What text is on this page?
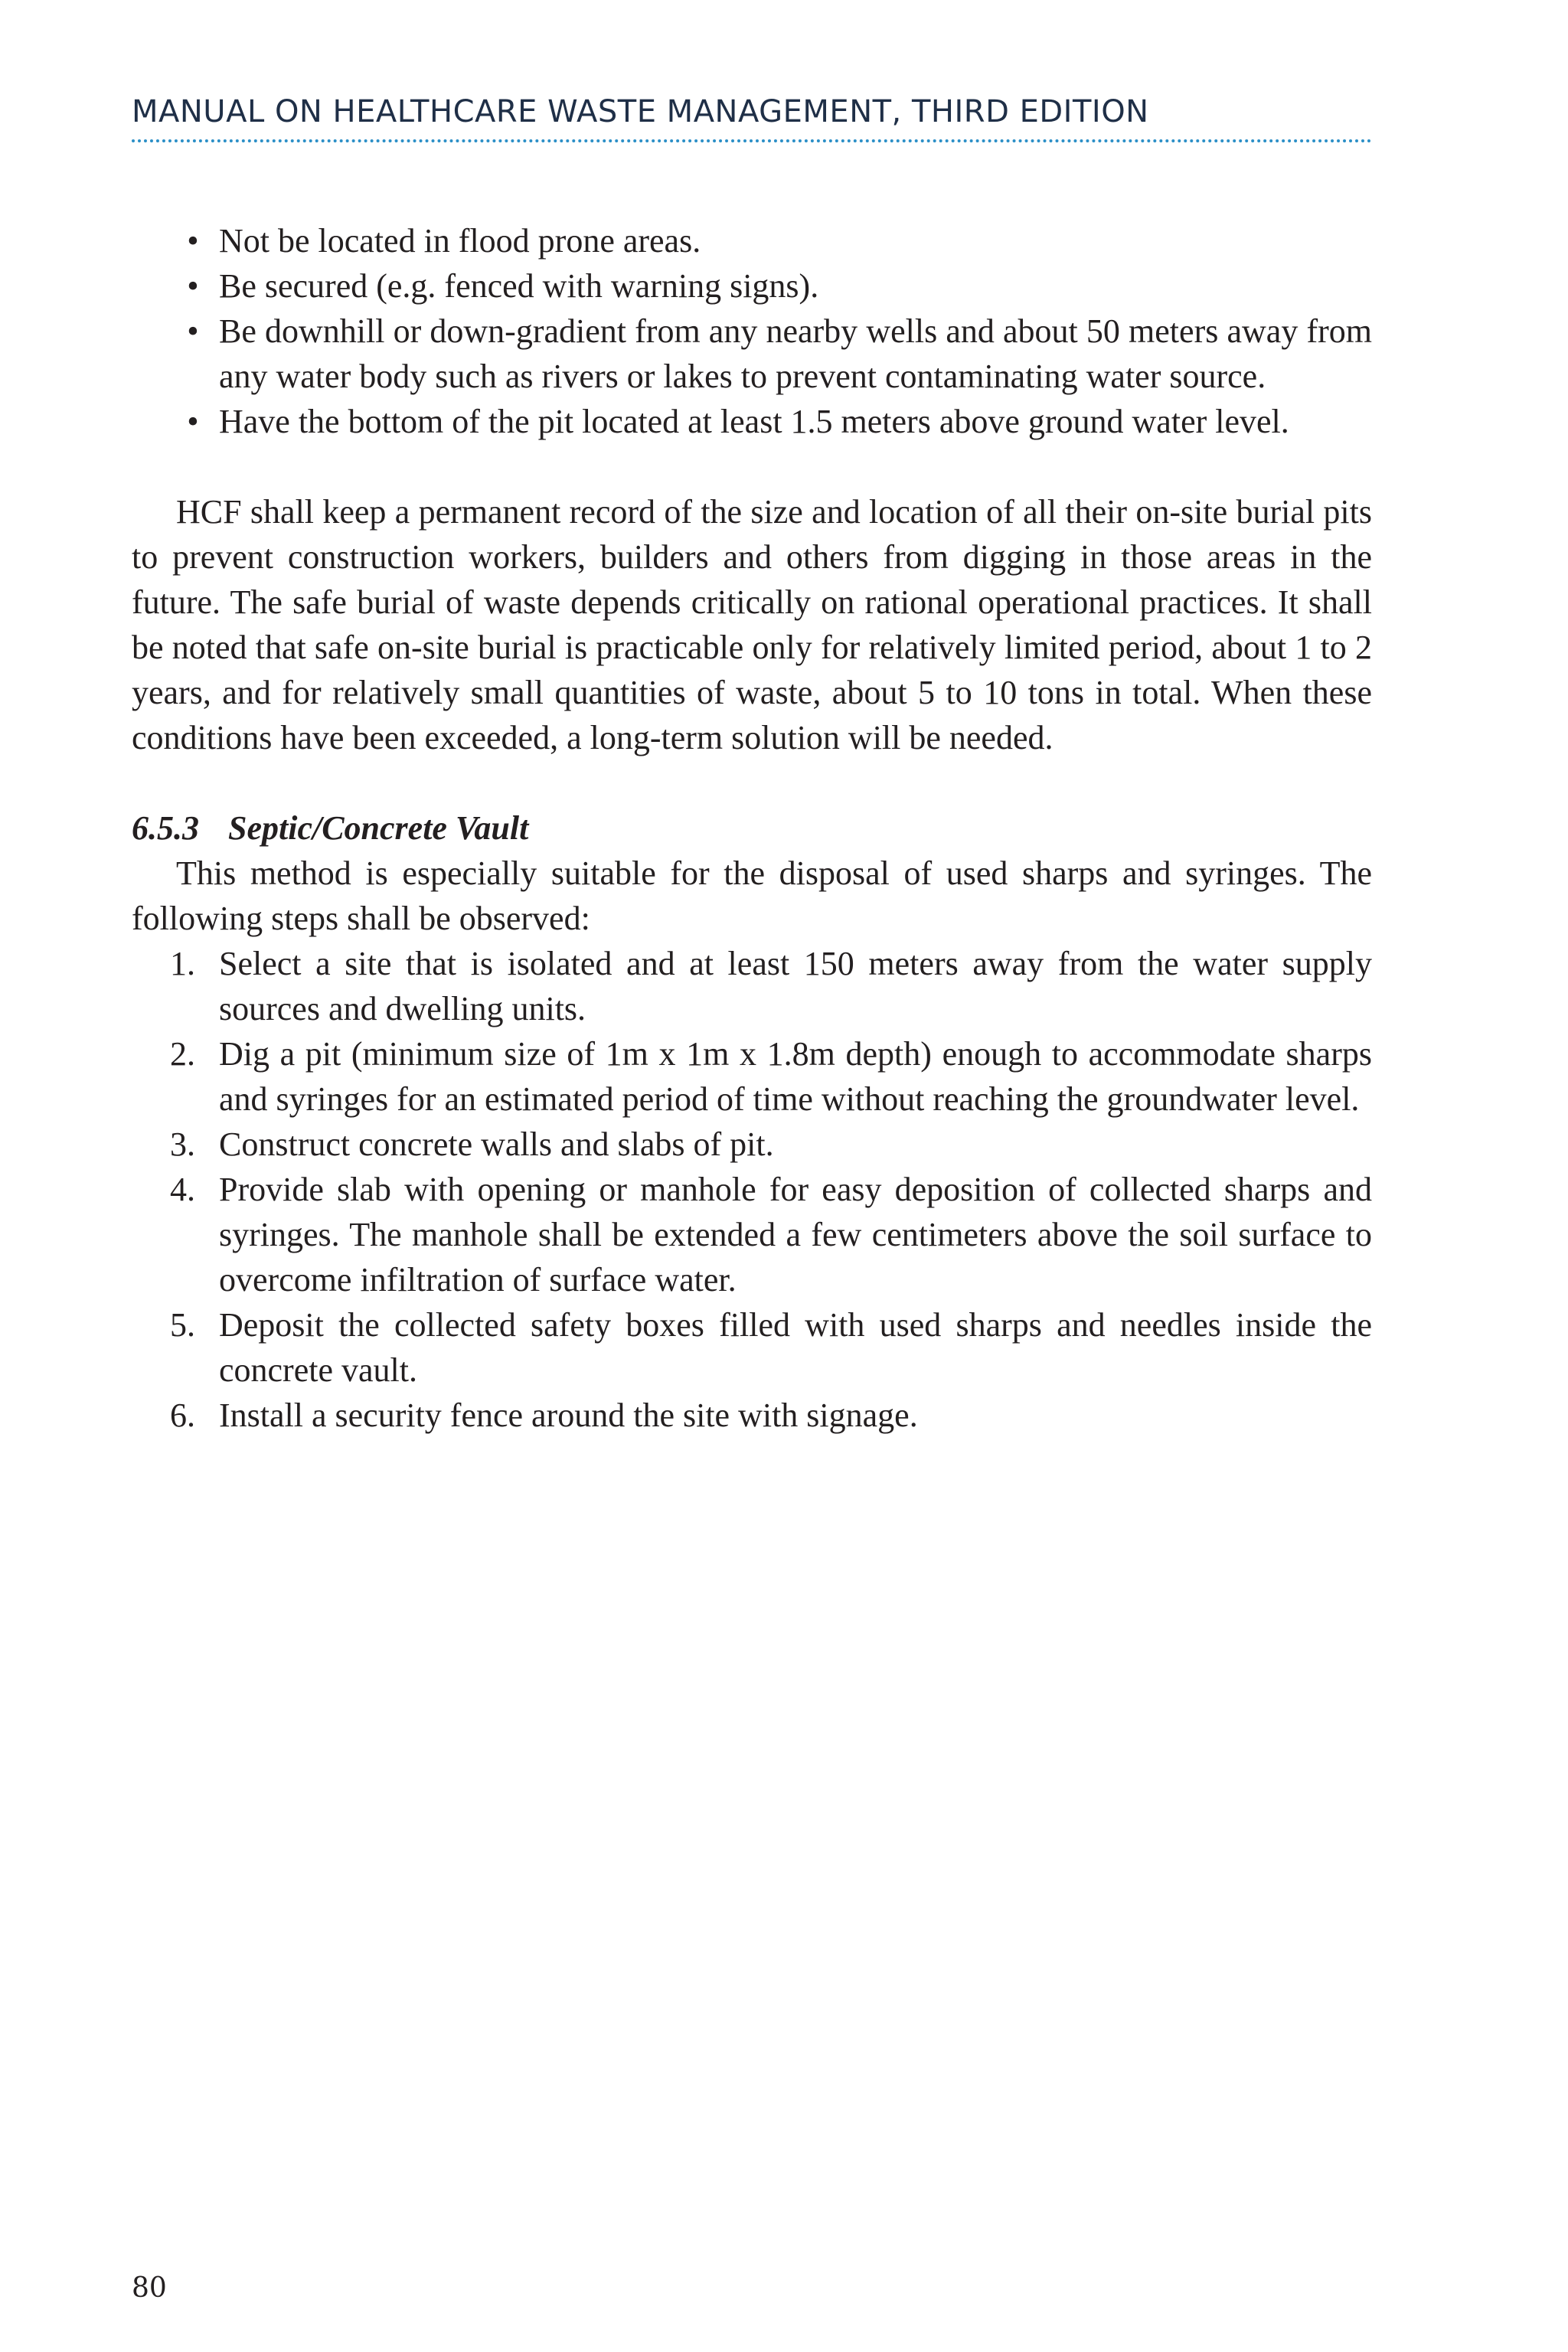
MANUAL ON HEALTHCARE WASTE MANAGEMENT, THIRD EDITION
• Not be located in flood prone areas.
• Be secured (e.g. fenced with warning signs).
• Be downhill or down-gradient from any nearby wells and about 50 meters away from any water body such as rivers or lakes to prevent contaminating water source.
• Have the bottom of the pit located at least 1.5 meters above ground water level.

HCF shall keep a permanent record of the size and location of all their on-site burial pits to prevent construction workers, builders and others from digging in those areas in the future. The safe burial of waste depends critically on rational operational practices. It shall be noted that safe on-site burial is practicable only for relatively limited period, about 1 to 2 years, and for relatively small quantities of waste, about 5 to 10 tons in total. When these conditions have been exceeded, a long-term solution will be needed.

6.5.3 Septic/Concrete Vault

This method is especially suitable for the disposal of used sharps and syringes. The following steps shall be observed:

1. Select a site that is isolated and at least 150 meters away from the water supply sources and dwelling units.
2. Dig a pit (minimum size of 1m x 1m x 1.8m depth) enough to accommodate sharps and syringes for an estimated period of time without reaching the groundwater level.
3. Construct concrete walls and slabs of pit.
4. Provide slab with opening or manhole for easy deposition of collected sharps and syringes. The manhole shall be extended a few centimeters above the soil surface to overcome infiltration of surface water.
5. Deposit the collected safety boxes filled with used sharps and needles inside the concrete vault.
6. Install a security fence around the site with signage.
80
